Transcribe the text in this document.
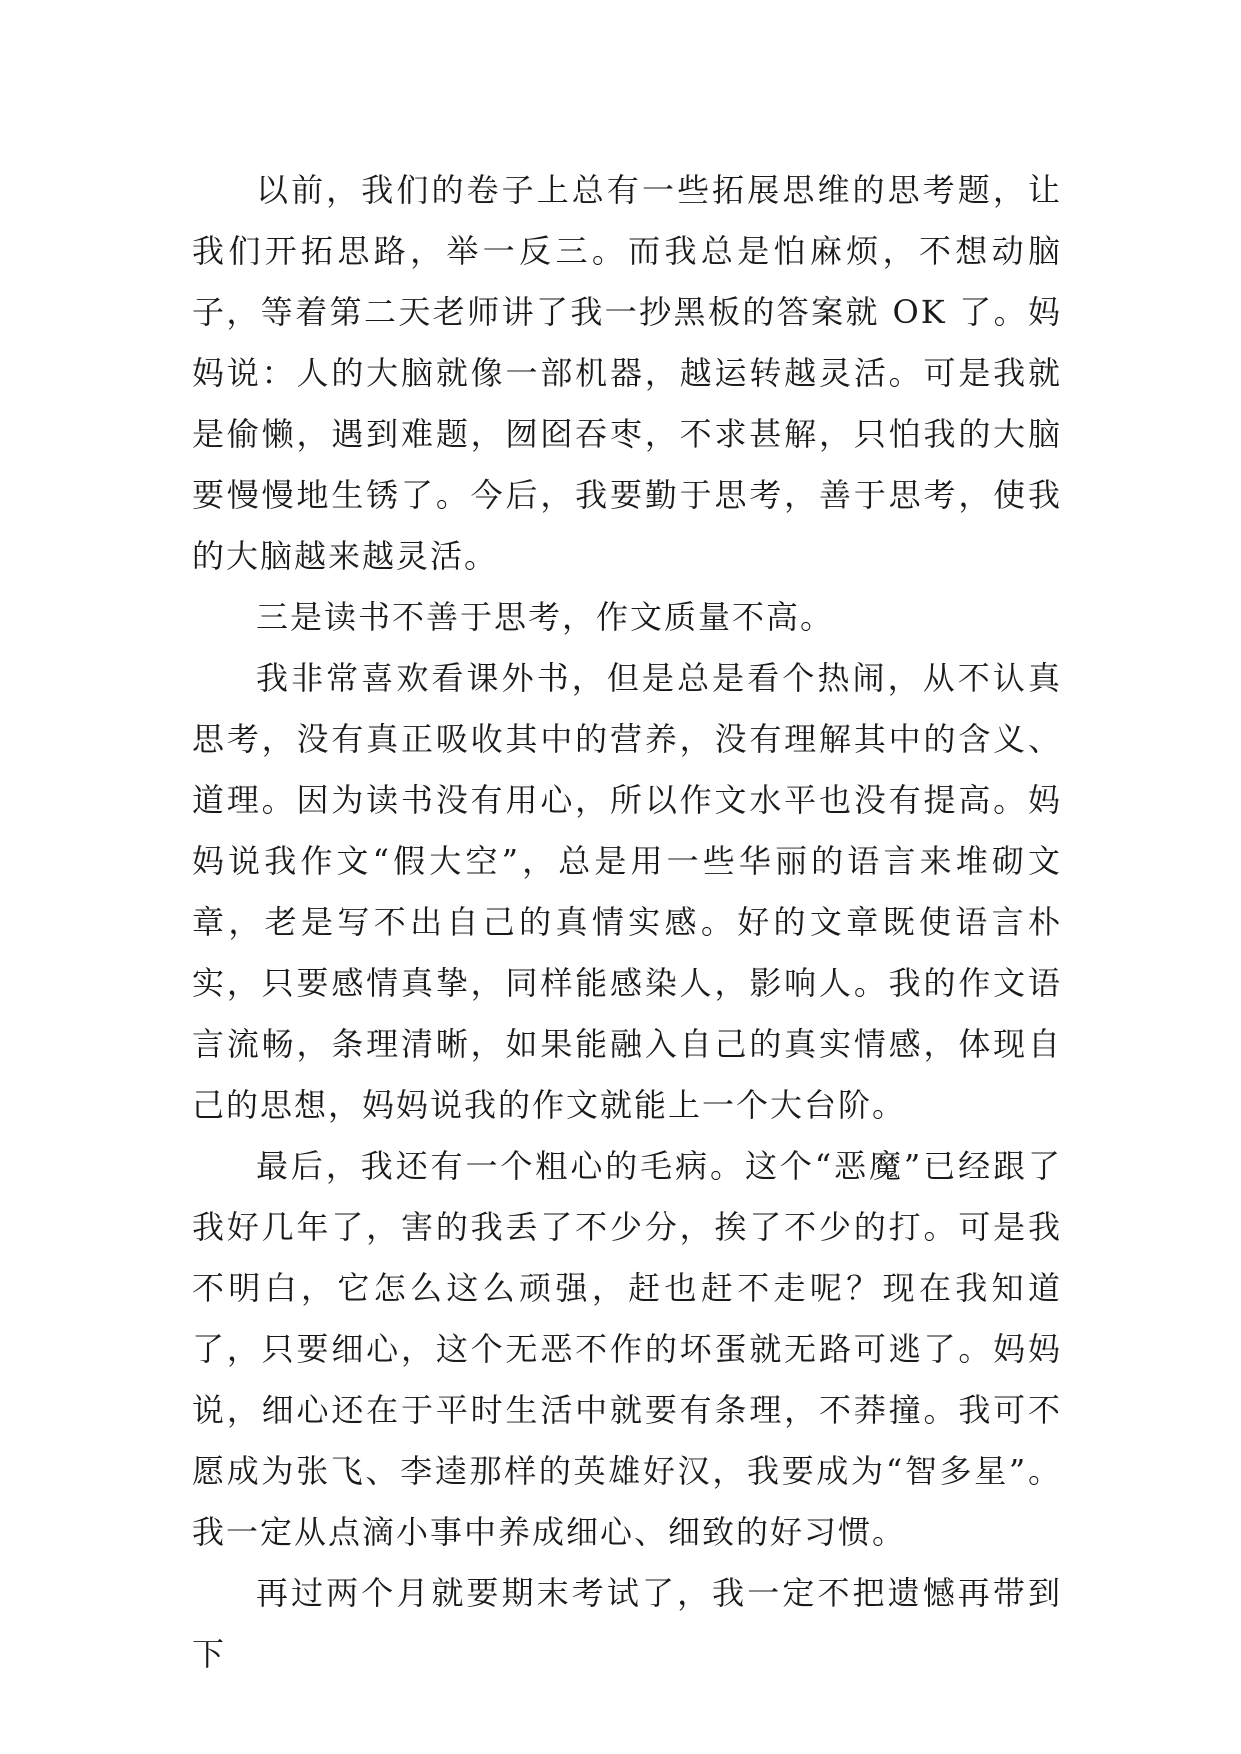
以前，我们的卷子上总有一些拓展思维的思考题，让我们开拓思路，举一反三。而我总是怕麻烦，不想动脑子，等着第二天老师讲了我一抄黑板的答案就 OK 了。妈妈说：人的大脑就像一部机器，越运转越灵活。可是我就是偷懒，遇到难题，囫囵吞枣，不求甚解，只怕我的大脑要慢慢地生锈了。今后，我要勤于思考，善于思考，使我的大脑越来越灵活。

三是读书不善于思考，作文质量不高。

我非常喜欢看课外书，但是总是看个热闹，从不认真思考，没有真正吸收其中的营养，没有理解其中的含义、道理。因为读书没有用心，所以作文水平也没有提高。妈妈说我作文“假大空”，总是用一些华丽的语言来堆砌文章，老是写不出自己的真情实感。好的文章既使语言朴实，只要感情真挚，同样能感染人，影响人。我的作文语言流畅，条理清晰，如果能融入自己的真实情感，体现自己的思想，妈妈说我的作文就能上一个大台阶。

最后，我还有一个粗心的毛病。这个“恶魔”已经跟了我好几年了，害的我丢了不少分，挨了不少的打。可是我不明白，它怎么这么顽强，赶也赶不走呢？现在我知道了，只要细心，这个无恶不作的坏蛋就无路可逃了。妈妈说，细心还在于平时生活中就要有条理，不莽撞。我可不愿成为张飞、李逵那样的英雄好汉，我要成为“智多星”。我一定从点滴小事中养成细心、细致的好习惯。

再过两个月就要期末考试了，我一定不把遗憾再带到下
